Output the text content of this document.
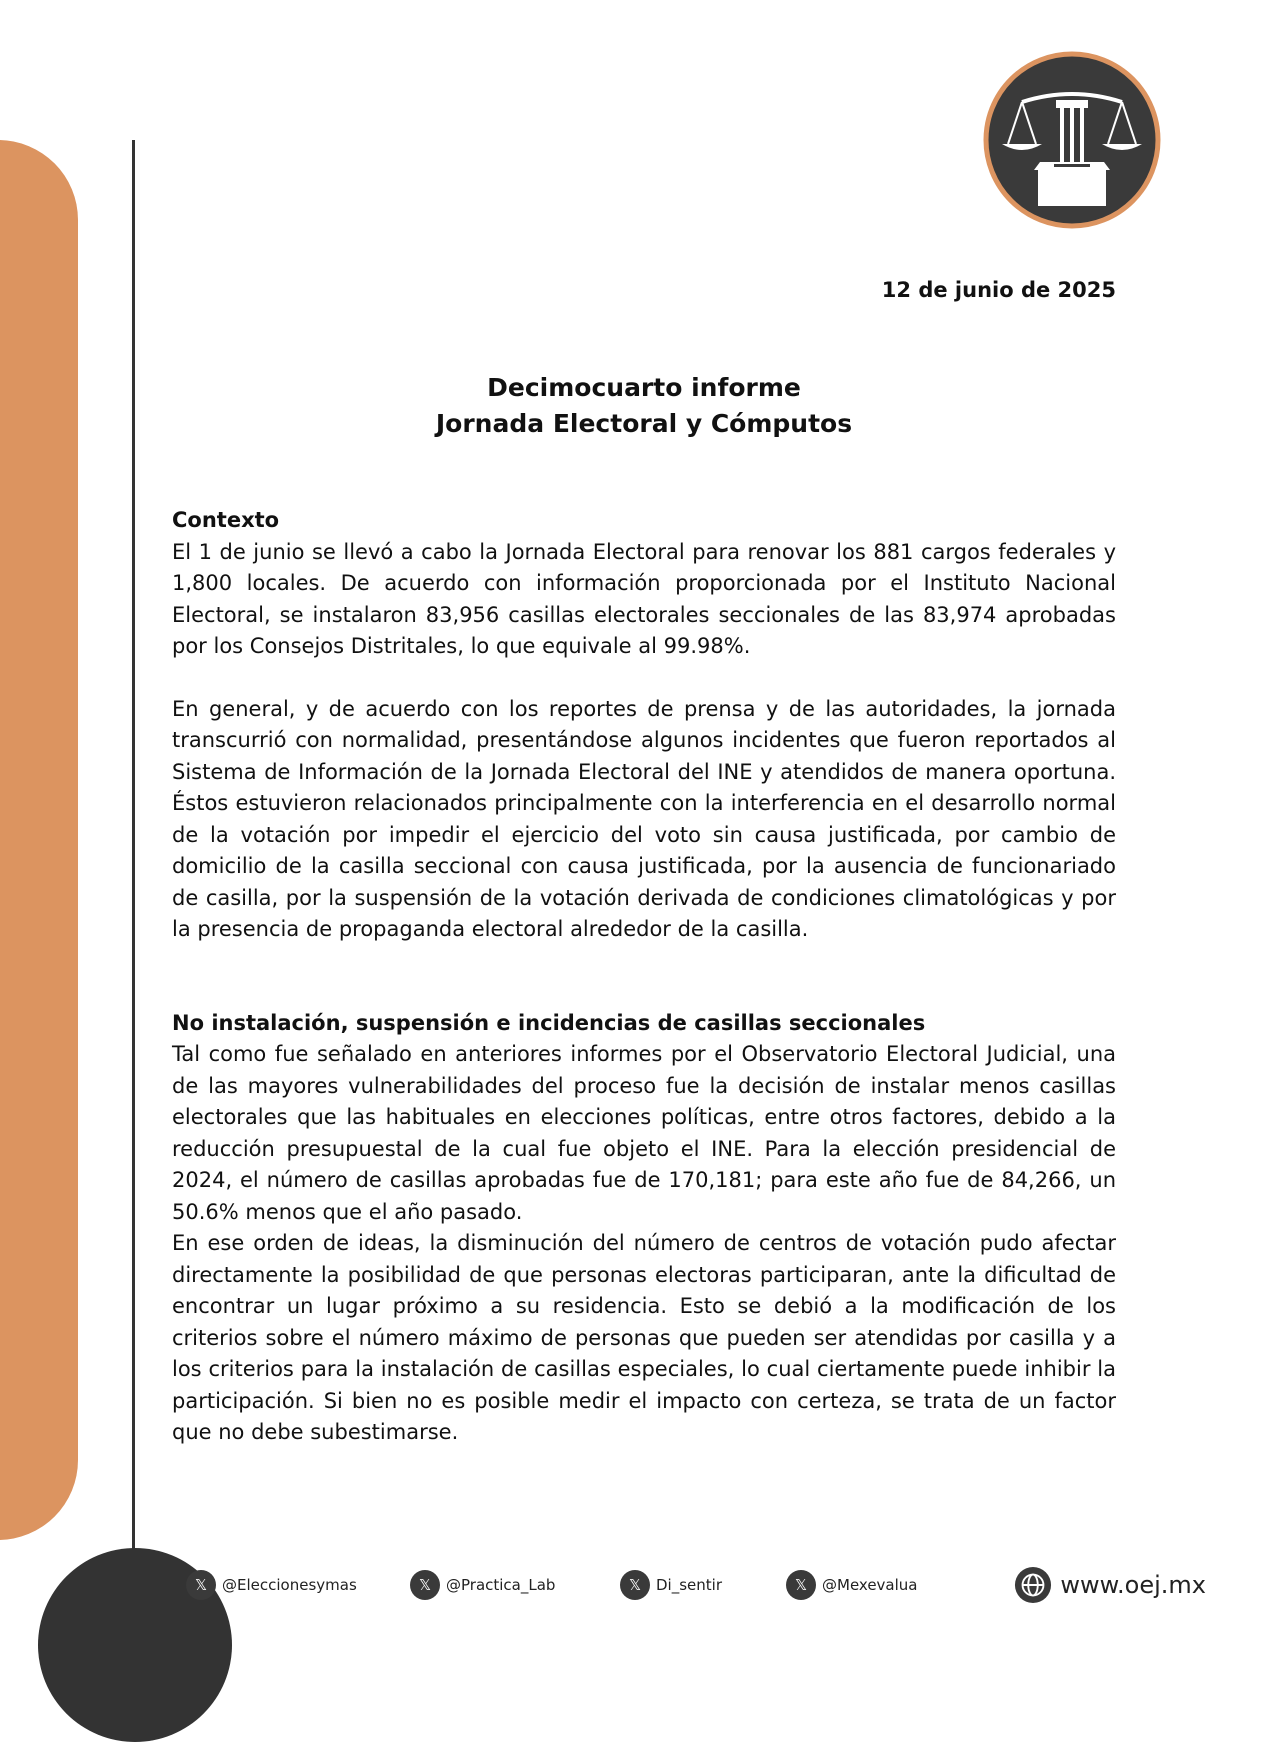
12 de junio de 2025
Decimocuarto informe
Jornada Electoral y Cómputos
Contexto

El 1 de junio se llevó a cabo la Jornada Electoral para renovar los 881 cargos federales y 1,800 locales. De acuerdo con información proporcionada por el Instituto Nacional Electoral, se instalaron 83,956 casillas electorales seccionales de las 83,974 aprobadas por los Consejos Distritales, lo que equivale al 99.98%.

En general, y de acuerdo con los reportes de prensa y de las autoridades, la jornada transcurrió con normalidad, presentándose algunos incidentes que fueron reportados al Sistema de Información de la Jornada Electoral del INE y atendidos de manera oportuna. Éstos estuvieron relacionados principalmente con la interferencia en el desarrollo normal de la votación por impedir el ejercicio del voto sin causa justificada, por cambio de domicilio de la casilla seccional con causa justificada, por la ausencia de funcionariado de casilla, por la suspensión de la votación derivada de condiciones climatológicas y por la presencia de propaganda electoral alrededor de la casilla.

No instalación, suspensión e incidencias de casillas seccionales

Tal como fue señalado en anteriores informes por el Observatorio Electoral Judicial, una de las mayores vulnerabilidades del proceso fue la decisión de instalar menos casillas electorales que las habituales en elecciones políticas, entre otros factores, debido a la reducción presupuestal de la cual fue objeto el INE. Para la elección presidencial de 2024, el número de casillas aprobadas fue de 170,181; para este año fue de 84,266, un 50.6% menos que el año pasado.

En ese orden de ideas, la disminución del número de centros de votación pudo afectar directamente la posibilidad de que personas electoras participaran, ante la dificultad de encontrar un lugar próximo a su residencia. Esto se debió a la modificación de los criterios sobre el número máximo de personas que pueden ser atendidas por casilla y a los criterios para la instalación de casillas especiales, lo cual ciertamente puede inhibir la participación. Si bien no es posible medir el impacto con certeza, se trata de un factor que no debe subestimarse.

𝕏 @Eleccionesymas	𝕏 @Practica_Lab	𝕏 Di_sentir	𝕏 @Mexevalua	www.oej.mx
